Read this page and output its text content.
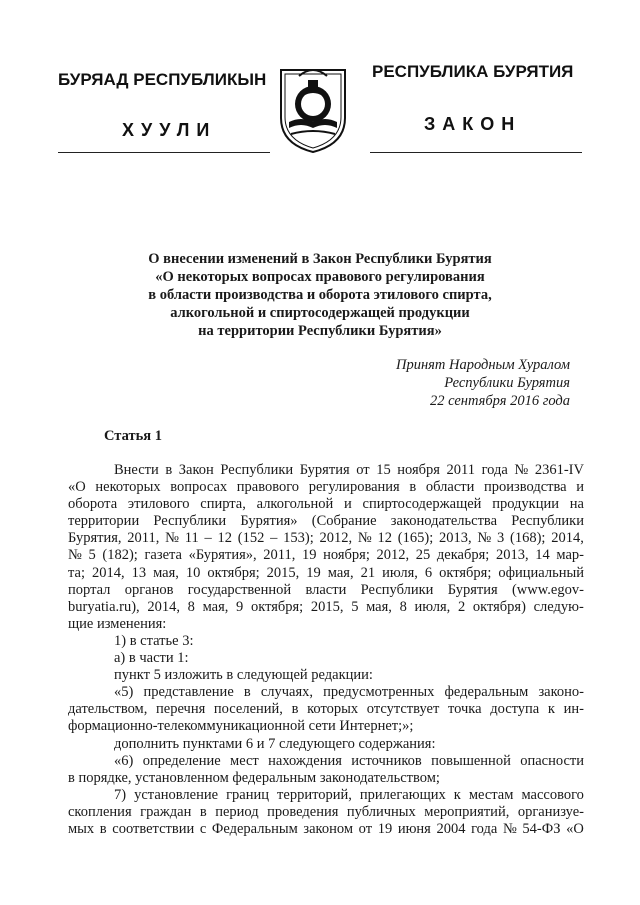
БУРЯАД РЕСПУБЛИКЫН
ХУУЛИ
РЕСПУБЛИКА БУРЯТИЯ
ЗАКОН
О внесении изменений в Закон Республики Бурятия
«О некоторых вопросах правового регулирования
в области производства и оборота этилового спирта,
алкогольной и спиртосодержащей продукции
на территории Республики Бурятия»
Принят Народным Хуралом
Республики Бурятия
22 сентября 2016 года
Статья 1
Внести в Закон Республики Бурятия от 15 ноября 2011 года № 2361-IV
«О некоторых вопросах правового регулирования в области производства и
оборота этилового спирта, алкогольной и спиртосодержащей продукции на
территории Республики Бурятия» (Собрание законодательства Республики
Бурятия, 2011, № 11 – 12 (152 – 153); 2012, № 12 (165); 2013, № 3 (168); 2014,
№ 5 (182); газета «Бурятия», 2011, 19 ноября; 2012, 25 декабря; 2013, 14 мар-
та; 2014, 13 мая, 10 октября; 2015, 19 мая, 21 июля, 6 октября; официальный
портал органов государственной власти Республики Бурятия (www.egov-
buryatia.ru), 2014, 8 мая, 9 октября; 2015, 5 мая, 8 июля, 2 октября) следую-
щие изменения:
1) в статье 3:
а) в части 1:
пункт 5 изложить в следующей редакции:
«5) представление в случаях, предусмотренных федеральным законо-
дательством, перечня поселений, в которых отсутствует точка доступа к ин-
формационно-телекоммуникационной сети Интернет;»;
дополнить пунктами 6 и 7 следующего содержания:
«6) определение мест нахождения источников повышенной опасности
в порядке, установленном федеральным законодательством;
7) установление границ территорий, прилегающих к местам массового
скопления граждан в период проведения публичных мероприятий, организуе-
мых в соответствии с Федеральным законом от 19 июня 2004 года № 54-ФЗ «О
